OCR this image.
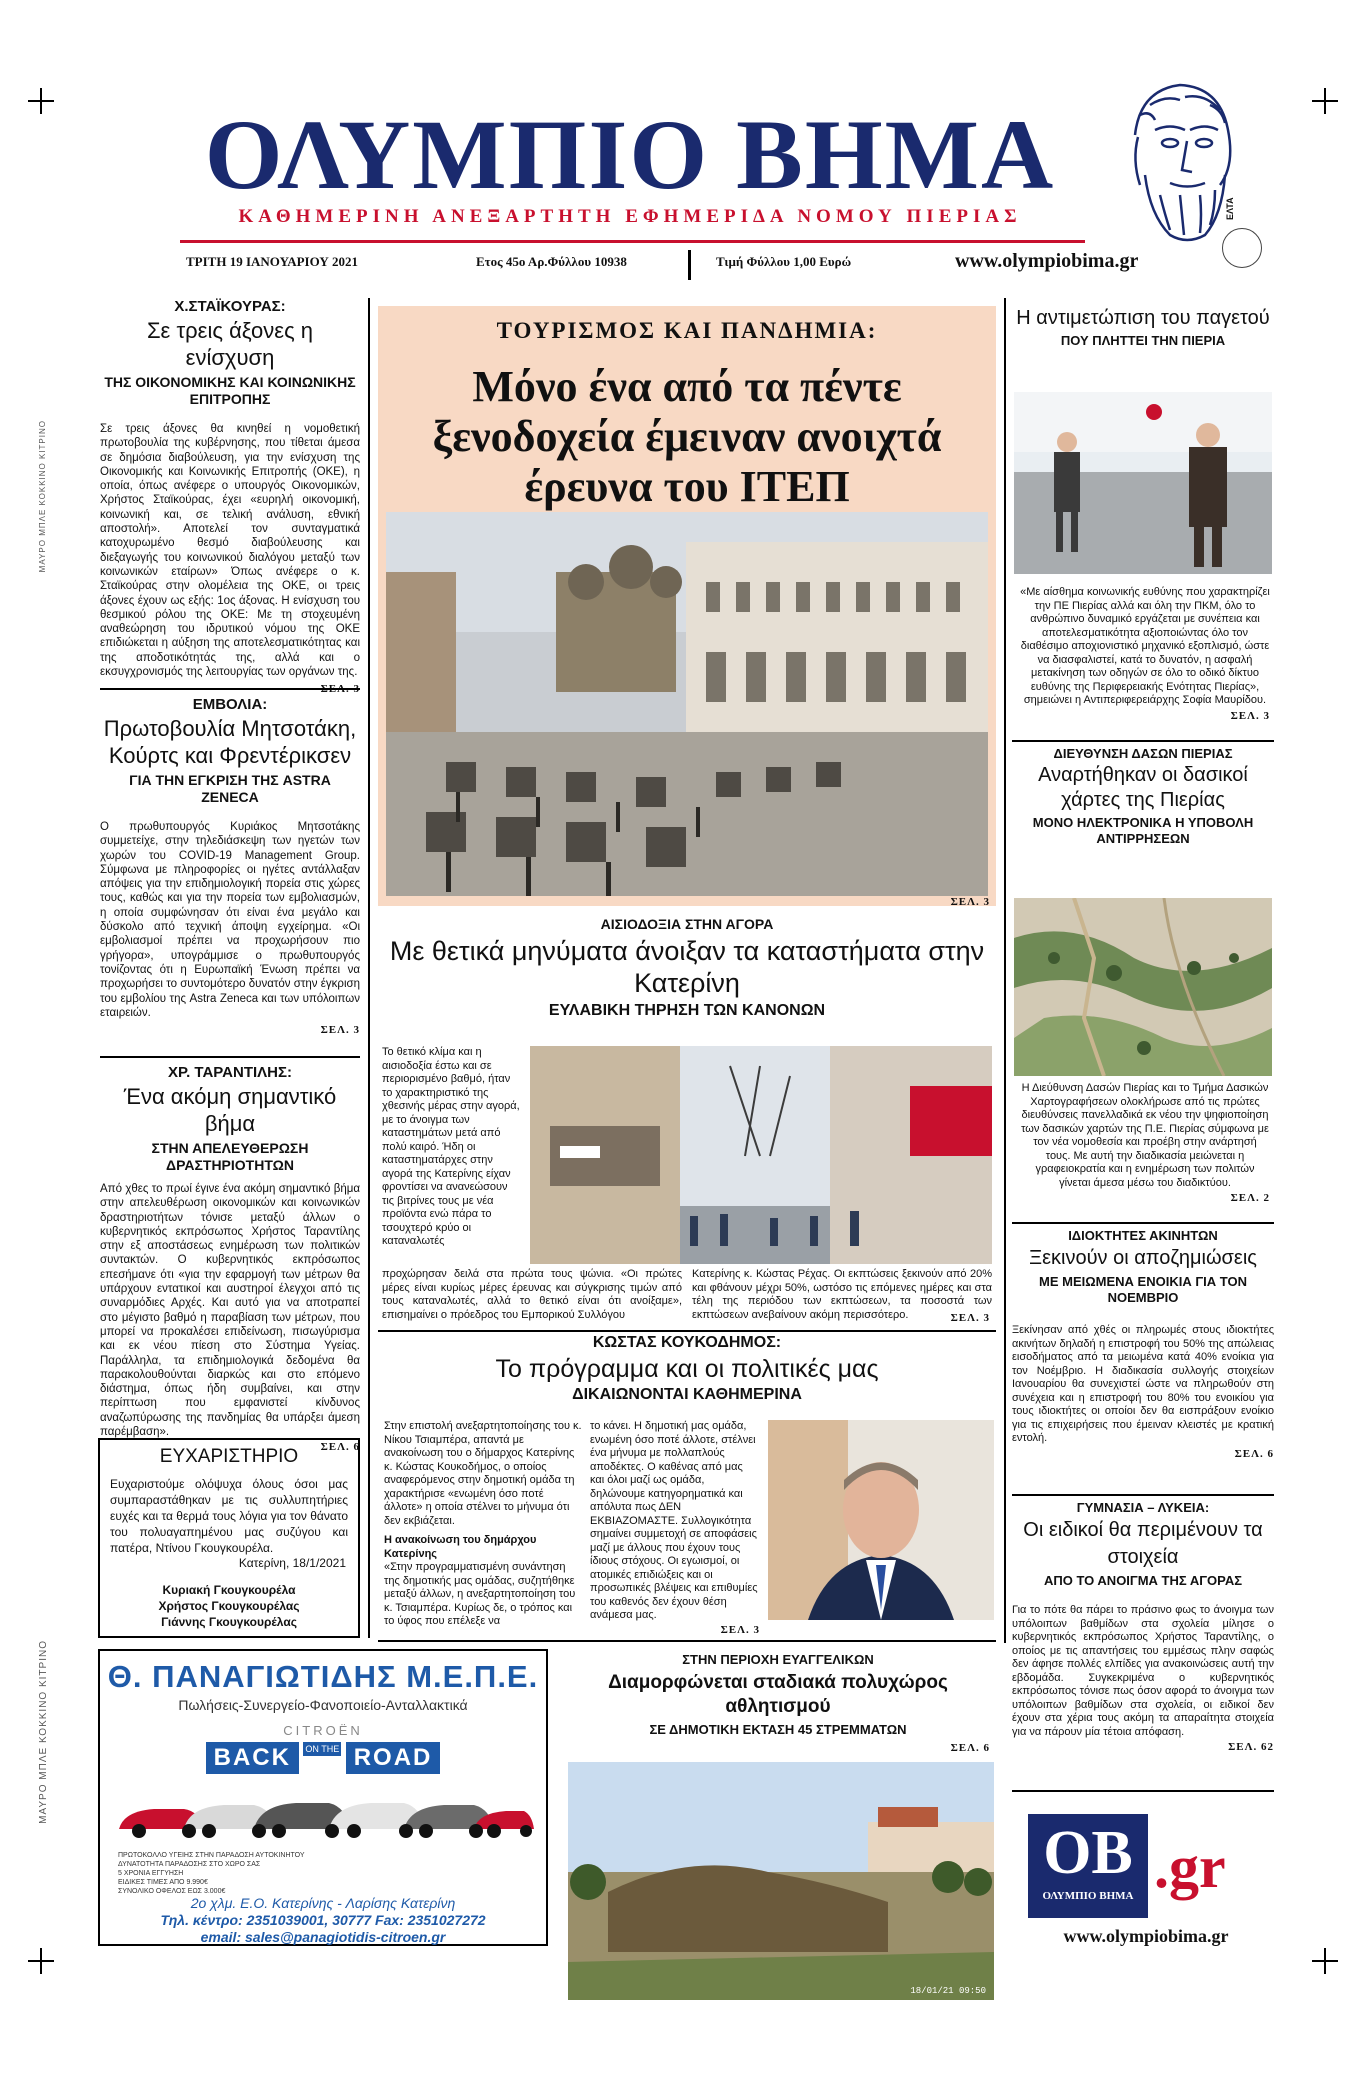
ΜΑΥΡΟ ΜΠΛΕ ΚΟΚΚΙΝΟ ΚΙΤΡΙΝΟ
ΜΑΥΡΟ ΜΠΛΕ ΚΟΚΚΙΝΟ ΚΙΤΡΙΝΟ
ΟΛΥΜΠΙΟ ΒΗΜΑ
ΚΑΘΗΜΕΡΙΝΗ ΑΝΕΞΑΡΤΗΤΗ ΕΦΗΜΕΡΙΔΑ ΝΟΜΟΥ ΠΙΕΡΙΑΣ
ΤΡΙΤΗ 19 ΙΑΝΟΥΑΡΙΟΥ 2021	Ετος 45ο Αρ.Φύλλου 10938	Τιμή Φύλλου 1,00 Ευρώ	www.olympiobima.gr
ΕΛΤΑ
Χ.ΣΤΑΪΚΟΥΡΑΣ:
Σε τρεις άξονες η ενίσχυση
ΤΗΣ ΟΙΚΟΝΟΜΙΚΗΣ ΚΑΙ ΚΟΙΝΩΝΙΚΗΣ ΕΠΙΤΡΟΠΗΣ
Σε τρεις άξονες θα κινηθεί η νομοθετική πρωτοβουλία της κυβέρνησης, που τίθεται άμεσα σε δημόσια διαβούλευση, για την ενίσχυση της Οικονομικής και Κοινωνικής Επιτροπής (ΟΚΕ), η οποία, όπως ανέφερε ο υπουργός Οικονομικών, Χρήστος Σταϊκούρας, έχει «ευρηλή οικονομική, κοινωνική και, σε τελική ανάλυση, εθνική αποστολή». Αποτελεί τον συνταγματικά κατοχυρωμένο θεσμό διαβούλευσης και διεξαγωγής του κοινωνικού διαλόγου μεταξύ των κοινωνικών εταίρων» Όπως ανέφερε ο κ. Σταϊκούρας στην ολομέλεια της ΟΚΕ, οι τρεις άξονες έχουν ως εξής: 1ος άξονας. Η ενίσχυση του θεσμικού ρόλου της ΟΚΕ: Με τη στοχευμένη αναθεώρηση του ιδρυτικού νόμου της ΟΚΕ επιδιώκεται η αύξηση της αποτελεσματικότητας και της αποδοτικότητάς της, αλλά και ο εκσυγχρονισμός της λειτουργίας των οργάνων της.
ΕΜΒΟΛΙΑ:
Πρωτοβουλία Μητσοτάκη, Κούρτς και Φρεντέρικσεν
ΓΙΑ ΤΗΝ ΕΓΚΡΙΣΗ ΤΗΣ ASTRA ZENECA
Ο πρωθυπουργός Κυριάκος Μητσοτάκης συμμετείχε, στην τηλεδιάσκεψη των ηγετών των χωρών του COVID-19 Management Group. Σύμφωνα με πληροφορίες οι ηγέτες αντάλλαξαν απόψεις για την επιδημιολογική πορεία στις χώρες τους, καθώς και για την πορεία των εμβολιασμών, η οποία συμφώνησαν ότι είναι ένα μεγάλο και δύσκολο από τεχνική άποψη εγχείρημα. «Οι εμβολιασμοί πρέπει να προχωρήσουν πιο γρήγορα», υπογράμμισε ο πρωθυπουργός τονίζοντας ότι η Ευρωπαϊκή Ένωση πρέπει να προχωρήσει το συντομότερο δυνατόν στην έγκριση του εμβολίου της Astra Zeneca και των υπόλοιπων εταιρειών.
ΣΕΛ. 3
ΧΡ. ΤΑΡΑΝΤΙΛΗΣ:
Ένα ακόμη σημαντικό βήμα
ΣΤΗΝ ΑΠΕΛΕΥΘΕΡΩΣΗ ΔΡΑΣΤΗΡΙΟΤΗΤΩΝ
Από χθες το πρωί έγινε ένα ακόμη σημαντικό βήμα στην απελευθέρωση οικονομικών και κοινωνικών δραστηριοτήτων τόνισε μεταξύ άλλων ο κυβερνητικός εκπρόσωπος Χρήστος Ταραντίλης στην εξ αποστάσεως ενημέρωση των πολιτικών συντακτών. Ο κυβερνητικός εκπρόσωπος επεσήμανε ότι «για την εφαρμογή των μέτρων θα υπάρχουν εντατικοί και αυστηροί έλεγχοι από τις συναρμόδιες Αρχές. Και αυτό για να αποτραπεί στο μέγιστο βαθμό η παραβίαση των μέτρων, που μπορεί να προκαλέσει επιδείνωση, πισωγύρισμα και εκ νέου πίεση στο Σύστημα Υγείας. Παράλληλα, τα επιδημιολογικά δεδομένα θα παρακολουθούνται διαρκώς και στο επόμενο διάστημα, όπως ήδη συμβαίνει, και στην περίπτωση που εμφανιστεί κίνδυνος αναζωπύρωσης της πανδημίας θα υπάρξει άμεση παρέμβαση».
ΣΕΛ. 6
ΕΥΧΑΡΙΣΤΗΡΙΟ
Ευχαριστούμε ολόψυχα όλους όσοι μας συμπαραστάθηκαν με τις συλλυπητήριες ευχές και τα θερμά τους λόγια για τον θάνατο του πολυαγαπημένου μας συζύγου και πατέρα, Ντίνου Γκουγκουρέλα.
Κατερίνη, 18/1/2021
Κυριακή Γκουγκουρέλα
Χρήστος Γκουγκουρέλας
Γιάννης Γκουγκουρέλας
ΤΟΥΡΙΣΜΟΣ ΚΑΙ ΠΑΝΔΗΜΙΑ:
Μόνο ένα από τα πέντε ξενοδοχεία έμειναν ανοιχτά έρευνα του ΙΤΕΠ
ΣΕΛ. 3
ΑΙΣΙΟΔΟΞΙΑ ΣΤΗΝ ΑΓΟΡΑ
Με θετικά μηνύματα άνοιξαν τα καταστήματα στην Κατερίνη
ΕΥΛΑΒΙΚΗ ΤΗΡΗΣΗ ΤΩΝ ΚΑΝΟΝΩΝ
Το θετικό κλίμα και η αισιοδοξία έστω και σε περιορισμένο βαθμό, ήταν το χαρακτηριστικό της χθεσινής μέρας στην αγορά, με το άνοιγμα των καταστημάτων μετά από πολύ καιρό. Ήδη οι καταστηματάρχες στην αγορά της Κατερίνης είχαν φροντίσει να ανανεώσουν τις βιτρίνες τους με νέα προϊόντα ενώ πάρα το τσουχτερό κρύο οι καταναλωτές
προχώρησαν δειλά στα πρώτα τους ψώνια. «Οι πρώτες μέρες είναι κυρίως μέρες έρευνας και σύγκρισης τιμών από τους καταναλωτές, αλλά το θετικό είναι ότι ανοίξαμε», επισημαίνει ο πρόεδρος του Εμπορικού Συλλόγου
Κατερίνης κ. Κώστας Ρέχας. Οι εκπτώσεις ξεκινούν από 20% και φθάνουν μέχρι 50%, ωστόσο τις επόμενες ημέρες και στα τέλη της περιόδου των εκπτώσεων, τα ποσοστά των εκπτώσεων ανεβαίνουν ακόμη περισσότερο.	ΣΕΛ. 3
ΚΩΣΤΑΣ ΚΟΥΚΟΔΗΜΟΣ:
Το πρόγραμμα και οι πολιτικές μας
ΔΙΚΑΙΩΝΟΝΤΑΙ ΚΑΘΗΜΕΡΙΝΑ
Στην επιστολή ανεξαρτητοποίησης του κ. Νίκου Τσιαμπέρα, απαντά με ανακοίνωση του ο δήμαρχος Κατερίνης κ. Κώστας Κουκοδήμος, ο οποίος αναφερόμενος στην δημοτική ομάδα τη χαρακτήρισε «ενωμένη όσο ποτέ άλλοτε» η οποία στέλνει το μήνυμα ότι δεν εκβιάζεται.
Η ανακοίνωση του δημάρχου Κατερίνης
«Στην προγραμματισμένη συνάντηση της δημοτικής μας ομάδας, συζητήθηκε μεταξύ άλλων, η ανεξαρτητοποίηση του κ. Τσιαμπέρα. Κυρίως δε, ο τρόπος και το ύφος που επέλεξε να
το κάνει. Η δημοτική μας ομάδα, ενωμένη όσο ποτέ άλλοτε, στέλνει ένα μήνυμα με πολλαπλούς αποδέκτες. Ο καθένας από μας και όλοι μαζί ως ομάδα, δηλώνουμε κατηγορηματικά και απόλυτα πως ΔΕΝ ΕΚΒΙΑΖΟΜΑΣΤΕ. Συλλογικότητα σημαίνει συμμετοχή σε αποφάσεις μαζί με άλλους που έχουν τους ίδιους στόχους. Οι εγωισμοί, οι ατομικές επιδιώξεις και οι προσωπικές βλέψεις και επιθυμίες του καθενός δεν έχουν θέση ανάμεσα μας.
ΣΕΛ. 3
Η αντιμετώπιση του παγετού
ΠΟΥ ΠΛΗΤΤΕΙ ΤΗΝ ΠΙΕΡΙΑ
«Με αίσθημα κοινωνικής ευθύνης που χαρακτηρίζει την ΠΕ Πιερίας αλλά και όλη την ΠΚΜ, όλο το ανθρώπινο δυναμικό εργάζεται με συνέπεια και αποτελεσματικότητα αξιοποιώντας όλο τον διαθέσιμο αποχιονιστικό μηχανικό εξοπλισμό, ώστε να διασφαλιστεί, κατά το δυνατόν, η ασφαλή μετακίνηση των οδηγών σε όλο το οδικό δίκτυο ευθύνης της Περιφερειακής Ενότητας Πιερίας», σημειώνει η Αντιπεριφερειάρχης Σοφία Μαυρίδου.
ΣΕΛ. 3
ΔΙΕΥΘΥΝΣΗ ΔΑΣΩΝ ΠΙΕΡΙΑΣ
Αναρτήθηκαν οι δασικοί χάρτες της Πιερίας
ΜΟΝΟ ΗΛΕΚΤΡΟΝΙΚΑ Η ΥΠΟΒΟΛΗ ΑΝΤΙΡΡΗΣΕΩΝ
Η Διεύθυνση Δασών Πιερίας και το Τμήμα Δασικών Χαρτογραφήσεων ολοκλήρωσε από τις πρώτες διευθύνσεις πανελλαδικά εκ νέου την ψηφιοποίηση των δασικών χαρτών της Π.Ε. Πιερίας σύμφωνα με τον νέα νομοθεσία και προέβη στην ανάρτησή τους. Με αυτή την διαδικασία μειώνεται η γραφειοκρατία και η ενημέρωση των πολιτών γίνεται άμεσα μέσω του διαδικτύου.
ΣΕΛ. 2
ΙΔΙΟΚΤΗΤΕΣ ΑΚΙΝΗΤΩΝ
Ξεκινούν οι αποζημιώσεις
ΜΕ ΜΕΙΩΜΕΝΑ ΕΝΟΙΚΙΑ ΓΙΑ ΤΟΝ ΝΟΕΜΒΡΙΟ
Ξεκίνησαν από χθές οι πληρωμές στους ιδιοκτήτες ακινήτων δηλαδή η επιστροφή του 50% της απώλειας εισοδήματος από τα μειωμένα κατά 40% ενοίκια για τον Νοέμβριο. Η διαδικασία συλλογής στοιχείων Ιανουαρίου θα συνεχιστεί ώστε να πληρωθούν στη συνέχεια και η επιστροφή του 80% του ενοικίου για τους ιδιοκτήτες οι οποίοι δεν θα εισπράξουν ενοίκιο για τις επιχειρήσεις που έμειναν κλειστές με κρατική εντολή.
ΣΕΛ. 6
ΓΥΜΝΑΣΙΑ – ΛΥΚΕΙΑ:
Οι ειδικοί θα περιμένουν τα στοιχεία
ΑΠΟ ΤΟ ΑΝΟΙΓΜΑ ΤΗΣ ΑΓΟΡΑΣ
Για το πότε θα πάρει το πράσινο φως το άνοιγμα των υπόλοιπων βαθμίδων στα σχολεία μίλησε ο κυβερνητικός εκπρόσωπος Χρήστος Ταραντίλης, ο οποίος με τις απαντήσεις του εμμέσως πλην σαφώς δεν άφησε πολλές ελπίδες για ανακοινώσεις αυτή την εβδομάδα. Συγκεκριμένα ο κυβερνητικός εκπρόσωπος τόνισε πως όσον αφορά το άνοιγμα των υπόλοιπων βαθμίδων στα σχολεία, οι ειδικοί δεν έχουν στα χέρια τους ακόμη τα απαραίτητα στοιχεία για να πάρουν μία τέτοια απόφαση.
ΣΕΛ. 62
OB
ΟΛΥΜΠΙΟ ΒΗΜΑ .gr
www.olympiobima.gr
ΣΤΗΝ ΠΕΡΙΟΧΗ ΕΥΑΓΓΕΛΙΚΩΝ
Διαμορφώνεται σταδιακά πολυχώρος αθλητισμού
ΣΕ ΔΗΜΟΤΙΚΗ ΕΚΤΑΣΗ 45 ΣΤΡΕΜΜΑΤΩΝ
ΣΕΛ. 6
18/01/21 09:50
Θ. ΠΑΝΑΓΙΩΤΙΔΗΣ Μ.Ε.Π.Ε.
Πωλήσεις-Συνεργείο-Φανοποιείο-Ανταλλακτικά
CITROËN
BACK ON THE ROAD
ΠΡΩΤΟΚΟΛΛΟ ΥΓΕΙΗΣ ΣΤΗΝ ΠΑΡΑΔΟΣΗ ΑΥΤΟΚΙΝΗΤΟΥ
ΔΥΝΑΤΟΤΗΤΑ ΠΑΡΑΔΟΣΗΣ ΣΤΟ ΧΩΡΟ ΣΑΣ
5 ΧΡΟΝΙΑ ΕΓΓΥΗΣΗ
ΕΙΔΙΚΕΣ ΤΙΜΕΣ ΑΠΟ 9.990€
ΣΥΝΟΛΙΚΟ ΟΦΕΛΟΣ ΕΩΣ 3.000€
2ο χλμ. Ε.Ο. Κατερίνης - Λαρίσης Κατερίνη
Τηλ. κέντρο: 2351039001, 30777 Fax: 2351027272
email: sales@panagiotidis-citroen.gr
